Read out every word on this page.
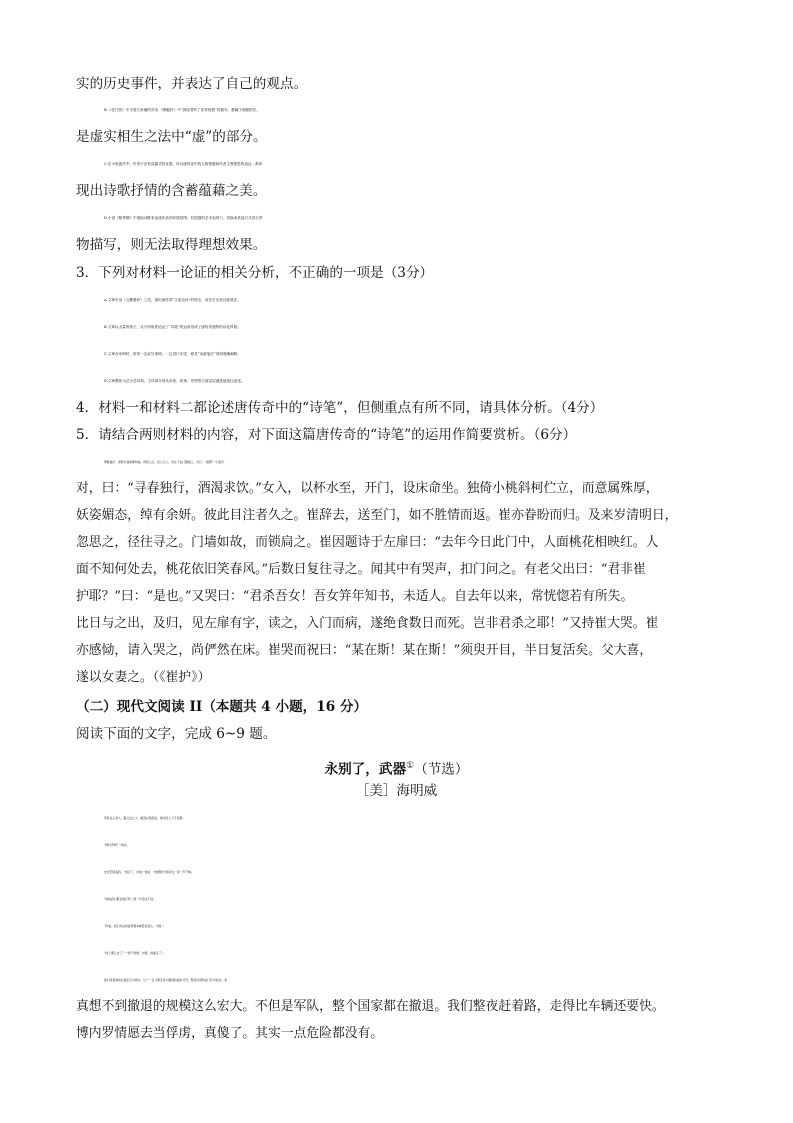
实的历史事件，并表达了自己的观点。
B.《任氏传》中韦崟与家僮的对话.《柳毅传》中“洞庭君听了非常惊慌”的描写，都属于侧面烘托，
是虚实相生之法中“虚”的部分。
C.在小说创作中，作者不宜有直露式的宣泄，所以唐传奇中的人物情感和作者主观情思的表达，都体
现出诗歌抒情的含蓄蕴藉之美。
D.小说《陈季卿》中借助诗歌来渲染作品的环境氛围，有很强的艺术表现力，若换成其他方式进行景
物描写，则无法取得理想效果。
3．下列对材料一论证的相关分析，不正确的一项是（3分）
A.文章引用《云麓漫钞》之语，指出唐传奇“文备众体”的特点，旨在引出其诗意笔法。
B.文章以大量的例子，从不同角度论证了“诗笔”的运用形成了唐传奇独特的诗化风格。
C.文章在举例时，常常一边叙写事例，一边进行评述，使其“诗意笔法”得到准确阐释。
D.文章整体为总分总结构，主体部分则从形象、叙事、抒情等方面层层递进地加以论述。
4．材料一和材料二都论述唐传奇中的“诗笔”，但侧重点有所不同，请具体分析。（4分）
5．请结合两则材料的内容，对下面这篇唐传奇的“诗笔”的运用作简要赏析。（6分）
博陵崔护，清明日独游都城南。得居人庄，扣门久之。有女子自门隙窥之，问曰：“谁耶？”以姓字
对，曰：“寻春独行，酒渴求饮。”女入，以杯水至，开门，设床命坐。独倚小桃斜柯伫立，而意属殊厚，
妖姿媚态，绰有余妍。彼此目注者久之。崔辞去，送至门，如不胜情而返。崔亦眷盼而归。及来岁清明日，
忽思之，径往寻之。门墙如故，而锁扃之。崔因题诗于左扉曰：“去年今日此门中，人面桃花相映红。人
面不知何处去，桃花依旧笑春风。”后数日复往寻之。闻其中有哭声，扣门问之。有老父出曰：“君非崔
护耶？”曰：“是也。”又哭曰：“君杀吾女！吾女笄年知书，未适人。自去年以来，常恍惚若有所失。
比日与之出，及归，见左扉有字，读之，入门而病，遂绝食数日而死。岂非君杀之耶！”又持崔大哭。崔
亦感恸，请入哭之，尚俨然在床。崔哭而祝曰：“某在斯！某在斯！”须臾开目，半日复活矣。父大喜，
遂以女妻之。（《崔护》）
（二）现代文阅读 II（本题共 4 小题，16 分）
阅读下面的文字，完成 6~9 题。
永别了，武器①（节选）
［美］海明威
军队这么庞大，路又这么少，撤退必然混乱。根本没人下令指挥。
“博内罗呢？”我问。
皮安尼望着我。“他走了，中尉。”他说，“他情愿当俘虏去。”我一声不响。
“他怕我们都会被打死。”我一句话也不说。
“你看，我们对这场战争根本就没有信心，中尉。”
“他上哪儿去了？”“我不知道，中尉。他溜走了。”
我们绕着城的北面走过乌迪内，过了一会儿便走进大撤退的基本行列，整夜往塔利亚门托河赶去。我
真想不到撤退的规模这么宏大。不但是军队，整个国家都在撤退。我们整夜赶着路，走得比车辆还要快。
博内罗情愿去当俘虏，真傻了。其实一点危险都没有。
